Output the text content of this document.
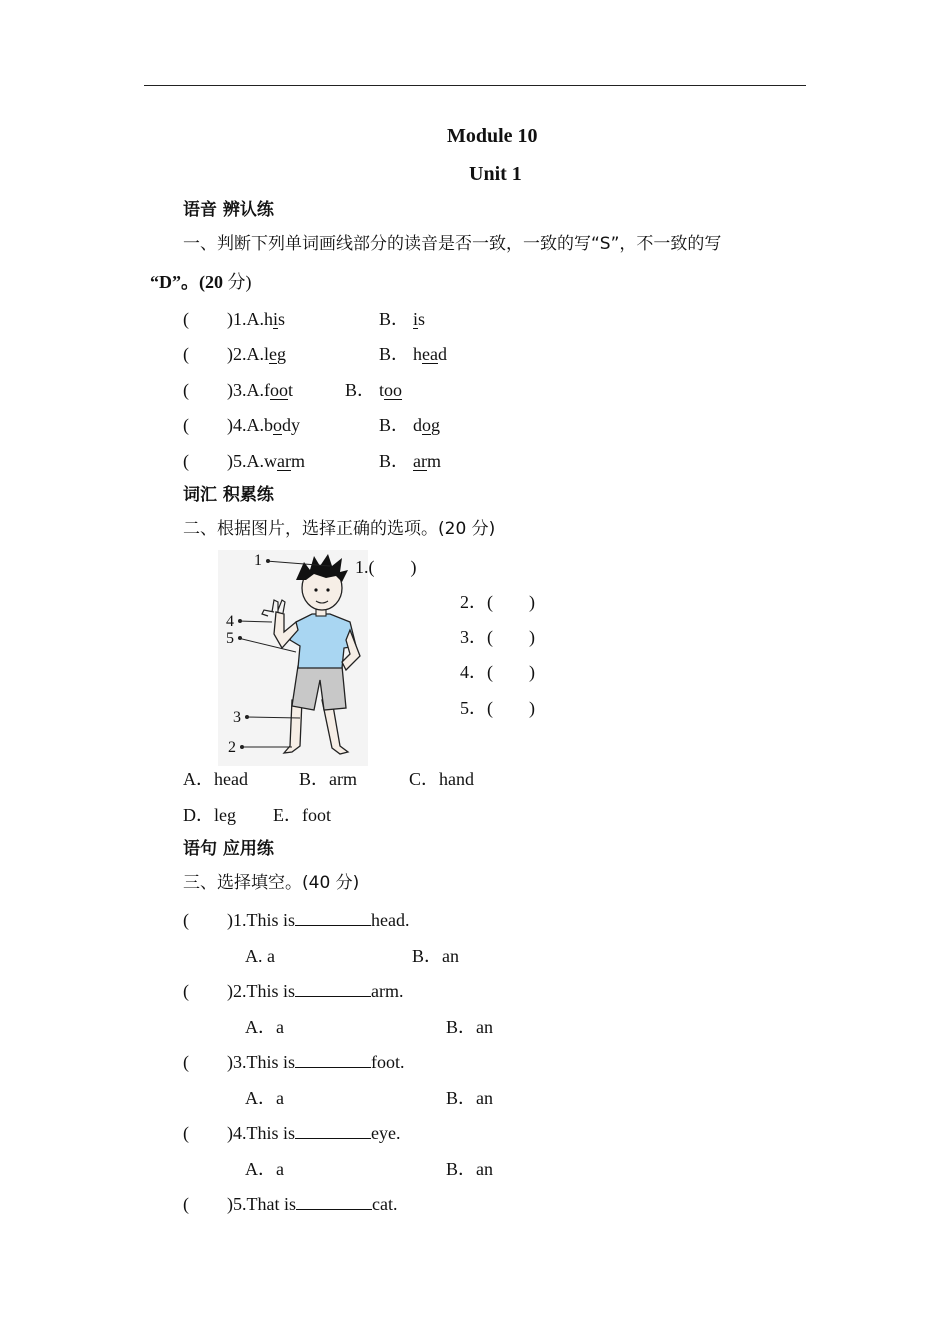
Module 10
Unit 1
语音 辨认练
一、判断下列单词画线部分的读音是否一致，一致的写“S”，不一致的写
“D”。(20 分)
( )1.A.his	B． is
( )2.A.leg	B． head
( )3.A.foot	B． too
( )4.A.body	B． dog
( )5.A.warm	B． arm
词汇 积累练
二、根据图片，选择正确的选项。(20 分)
1
2
3
4
5
1.(        )
2．(        )
3．(        )
4．(        )
5．(        )
A．head	B．arm	C．hand
D．leg E．foot
语句 应用练
三、选择填空。(40 分)
( )1.This is	head.
A. a	B．an
( )2.This is	arm.
A．a	B．an
( )3.This is	foot.
A．a	B．an
( )4.This is	eye.
A．a	B．an
( )5.That is	cat.
